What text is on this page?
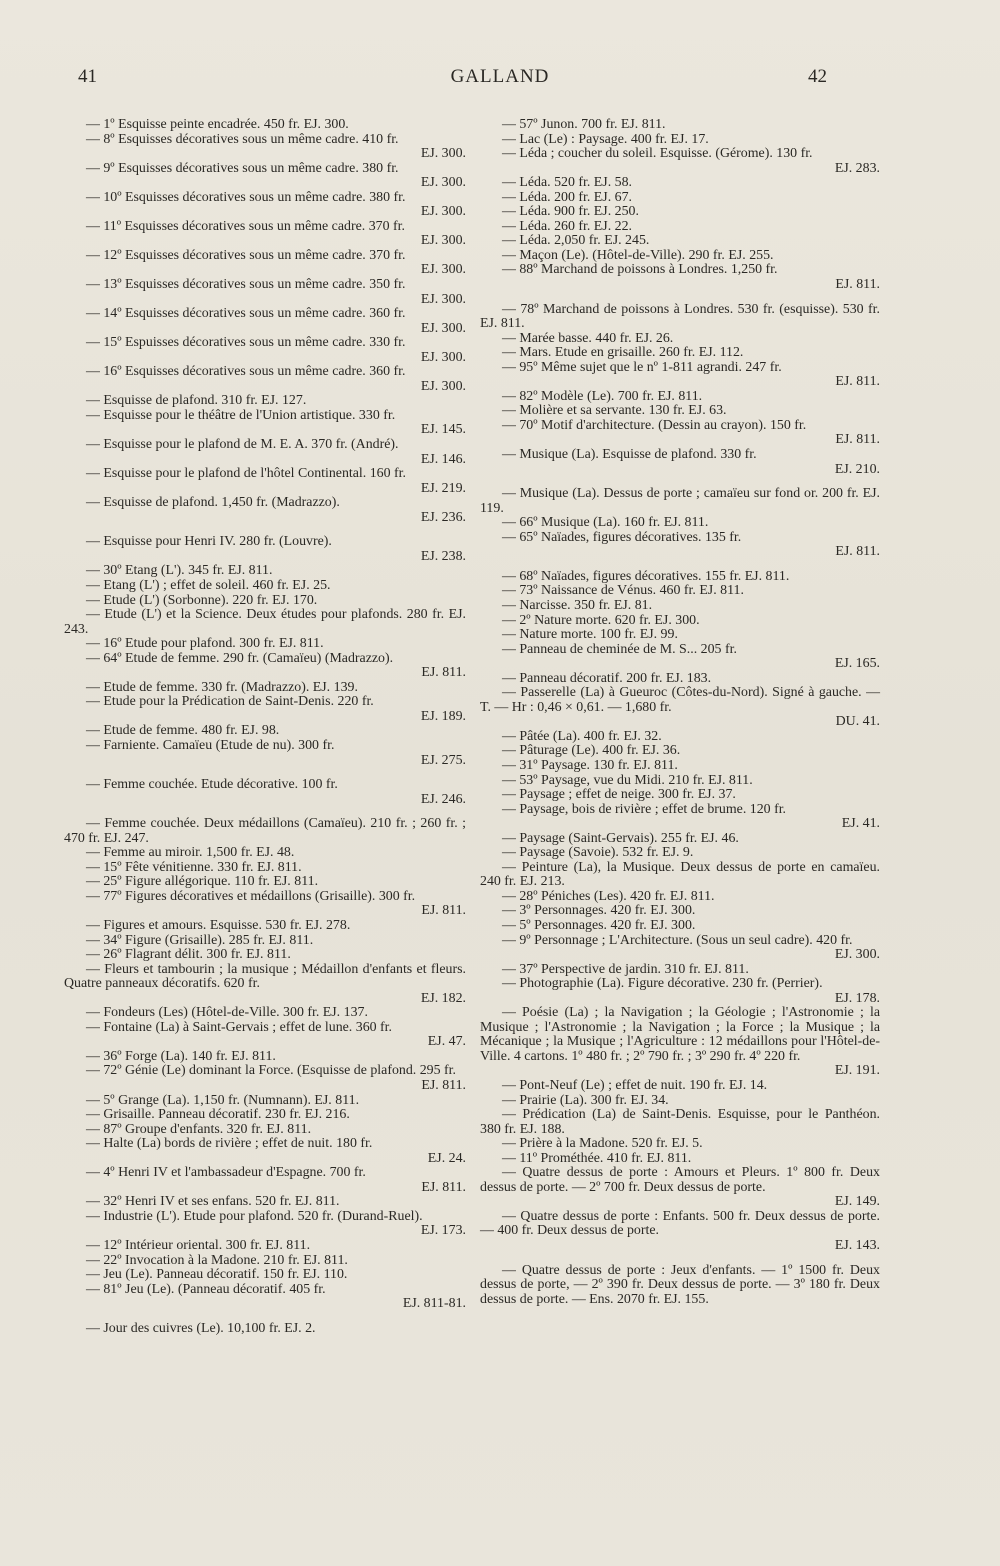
41	GALLAND	42

— 1º Esquisse peinte encadrée. 450 fr. EJ. 300.

— 8º Esquisses décoratives sous un même cadre. 410 fr.

EJ. 300.

— 9º Esquisses décoratives sous un même cadre. 380 fr.

EJ. 300.

— 10º Esquisses décoratives sous un même cadre. 380 fr.

EJ. 300.

— 11º Esquisses décoratives sous un même cadre. 370 fr.

EJ. 300.

— 12º Esquisses décoratives sous un même cadre. 370 fr.

EJ. 300.

— 13º Esquisses décoratives sous un même cadre. 350 fr.

EJ. 300.

— 14º Esquisses décoratives sous un même cadre. 360 fr.

EJ. 300.

— 15º Espuisses décoratives sous un même cadre. 330 fr.

EJ. 300.

— 16º Esquisses décoratives sous un même cadre. 360 fr.

EJ. 300.

— Esquisse de plafond. 310 fr. EJ. 127.

— Esquisse pour le théâtre de l'Union artistique. 330 fr.

EJ. 145.

— Esquisse pour le plafond de M. E. A. 370 fr. (André).

EJ. 146.

— Esquisse pour le plafond de l'hôtel Continental. 160 fr.

EJ. 219.

— Esquisse de plafond. 1,450 fr. (Madrazzo).

EJ. 236.

— Esquisse pour Henri IV. 280 fr. (Louvre).

EJ. 238.

— 30º Etang (L'). 345 fr. EJ. 811.

— Etang (L') ; effet de soleil. 460 fr. EJ. 25.

— Etude (L') (Sorbonne). 220 fr. EJ. 170.

— Etude (L') et la Science. Deux études pour plafonds. 280 fr. EJ. 243.

— 16º Etude pour plafond. 300 fr. EJ. 811.

— 64º Etude de femme. 290 fr. (Camaïeu) (Madrazzo).

EJ. 811.

— Etude de femme. 330 fr. (Madrazzo). EJ. 139.

— Etude pour la Prédication de Saint-Denis. 220 fr.

EJ. 189.

— Etude de femme. 480 fr. EJ. 98.

— Farniente. Camaïeu (Etude de nu). 300 fr.

EJ. 275.

— Femme couchée. Etude décorative. 100 fr.

EJ. 246.

— Femme couchée. Deux médaillons (Camaïeu). 210 fr. ; 260 fr. ; 470 fr. EJ. 247.

— Femme au miroir. 1,500 fr. EJ. 48.

— 15º Fête vénitienne. 330 fr. EJ. 811.

— 25º Figure allégorique. 110 fr. EJ. 811.

— 77º Figures décoratives et médaillons (Grisaille). 300 fr.

EJ. 811.

— Figures et amours. Esquisse. 530 fr. EJ. 278.

— 34º Figure (Grisaille). 285 fr. EJ. 811.

— 26º Flagrant délit. 300 fr. EJ. 811.

— Fleurs et tambourin ; la musique ; Médaillon d'enfants et fleurs. Quatre panneaux décoratifs. 620 fr.

EJ. 182.

— Fondeurs (Les) (Hôtel-de-Ville. 300 fr. EJ. 137.

— Fontaine (La) à Saint-Gervais ; effet de lune. 360 fr.

EJ. 47.

— 36º Forge (La). 140 fr. EJ. 811.

— 72º Génie (Le) dominant la Force. (Esquisse de plafond. 295 fr.

EJ. 811.

— 5º Grange (La). 1,150 fr. (Numnann). EJ. 811.

— Grisaille. Panneau décoratif. 230 fr. EJ. 216.

— 87º Groupe d'enfants. 320 fr. EJ. 811.

— Halte (La) bords de rivière ; effet de nuit. 180 fr.

EJ. 24.

— 4º Henri IV et l'ambassadeur d'Espagne. 700 fr.

EJ. 811.

— 32º Henri IV et ses enfans. 520 fr. EJ. 811.

— Industrie (L'). Etude pour plafond. 520 fr. (Durand-Ruel).

EJ. 173.

— 12º Intérieur oriental. 300 fr. EJ. 811.

— 22º Invocation à la Madone. 210 fr. EJ. 811.

— Jeu (Le). Panneau décoratif. 150 fr. EJ. 110.

— 81º Jeu (Le). (Panneau décoratif. 405 fr.

EJ. 811-81.

— Jour des cuivres (Le). 10,100 fr. EJ. 2.

— 57º Junon. 700 fr. EJ. 811.

— Lac (Le) : Paysage. 400 fr. EJ. 17.

— Léda ; coucher du soleil. Esquisse. (Gérome). 130 fr.

EJ. 283.

— Léda. 520 fr. EJ. 58.

— Léda. 200 fr. EJ. 67.

— Léda. 900 fr. EJ. 250.

— Léda. 260 fr. EJ. 22.

— Léda. 2,050 fr. EJ. 245.

— Maçon (Le). (Hôtel-de-Ville). 290 fr. EJ. 255.

— 88º Marchand de poissons à Londres. 1,250 fr.

EJ. 811.

— 78º Marchand de poissons à Londres. 530 fr. (esquisse). 530 fr. EJ. 811.

— Marée basse. 440 fr. EJ. 26.

— Mars. Etude en grisaille. 260 fr. EJ. 112.

— 95º Même sujet que le nº 1-811 agrandi. 247 fr.

EJ. 811.

— 82º Modèle (Le). 700 fr. EJ. 811.

— Molière et sa servante. 130 fr. EJ. 63.

— 70º Motif d'architecture. (Dessin au crayon). 150 fr.

EJ. 811.

— Musique (La). Esquisse de plafond. 330 fr.

EJ. 210.

— Musique (La). Dessus de porte ; camaïeu sur fond or. 200 fr. EJ. 119.

— 66º Musique (La). 160 fr. EJ. 811.

— 65º Naïades, figures décoratives. 135 fr.

EJ. 811.

— 68º Naïades, figures décoratives. 155 fr. EJ. 811.

— 73º Naissance de Vénus. 460 fr. EJ. 811.

— Narcisse. 350 fr. EJ. 81.

— 2º Nature morte. 620 fr. EJ. 300.

— Nature morte. 100 fr. EJ. 99.

— Panneau de cheminée de M. S... 205 fr.

EJ. 165.

— Panneau décoratif. 200 fr. EJ. 183.

— Passerelle (La) à Gueuroc (Côtes-du-Nord). Signé à gauche. — T. — Hr : 0,46 × 0,61. — 1,680 fr.

DU. 41.

— Pâtée (La). 400 fr. EJ. 32.

— Pâturage (Le). 400 fr. EJ. 36.

— 31º Paysage. 130 fr. EJ. 811.

— 53º Paysage, vue du Midi. 210 fr. EJ. 811.

— Paysage ; effet de neige. 300 fr. EJ. 37.

— Paysage, bois de rivière ; effet de brume. 120 fr.

EJ. 41.

— Paysage (Saint-Gervais). 255 fr. EJ. 46.

— Paysage (Savoie). 532 fr. EJ. 9.

— Peinture (La), la Musique. Deux dessus de porte en camaïeu. 240 fr. EJ. 213.

— 28º Péniches (Les). 420 fr. EJ. 811.

— 3º Personnages. 420 fr. EJ. 300.

— 5º Personnages. 420 fr. EJ. 300.

— 9º Personnage ; L'Architecture. (Sous un seul cadre). 420 fr.

EJ. 300.

— 37º Perspective de jardin. 310 fr. EJ. 811.

— Photographie (La). Figure décorative. 230 fr. (Perrier).

EJ. 178.

— Poésie (La) ; la Navigation ; la Géologie ; l'Astronomie ; la Musique ; l'Astronomie ; la Navigation ; la Force ; la Musique ; la Mécanique ; la Musique ; l'Agriculture : 12 médaillons pour l'Hôtel-de-Ville. 4 cartons. 1º 480 fr. ; 2º 790 fr. ; 3º 290 fr. 4º 220 fr.

EJ. 191.

— Pont-Neuf (Le) ; effet de nuit. 190 fr. EJ. 14.

— Prairie (La). 300 fr. EJ. 34.

— Prédication (La) de Saint-Denis. Esquisse, pour le Panthéon. 380 fr. EJ. 188.

— Prière à la Madone. 520 fr. EJ. 5.

— 11º Prométhée. 410 fr. EJ. 811.

— Quatre dessus de porte : Amours et Pleurs. 1º 800 fr. Deux dessus de porte. — 2º 700 fr. Deux dessus de porte.

EJ. 149.

— Quatre dessus de porte : Enfants. 500 fr. Deux dessus de porte. — 400 fr. Deux dessus de porte.

EJ. 143.

— Quatre dessus de porte : Jeux d'enfants. — 1º 1500 fr. Deux dessus de porte, — 2º 390 fr. Deux dessus de porte. — 3º 180 fr. Deux dessus de porte. — Ens. 2070 fr. EJ. 155.
